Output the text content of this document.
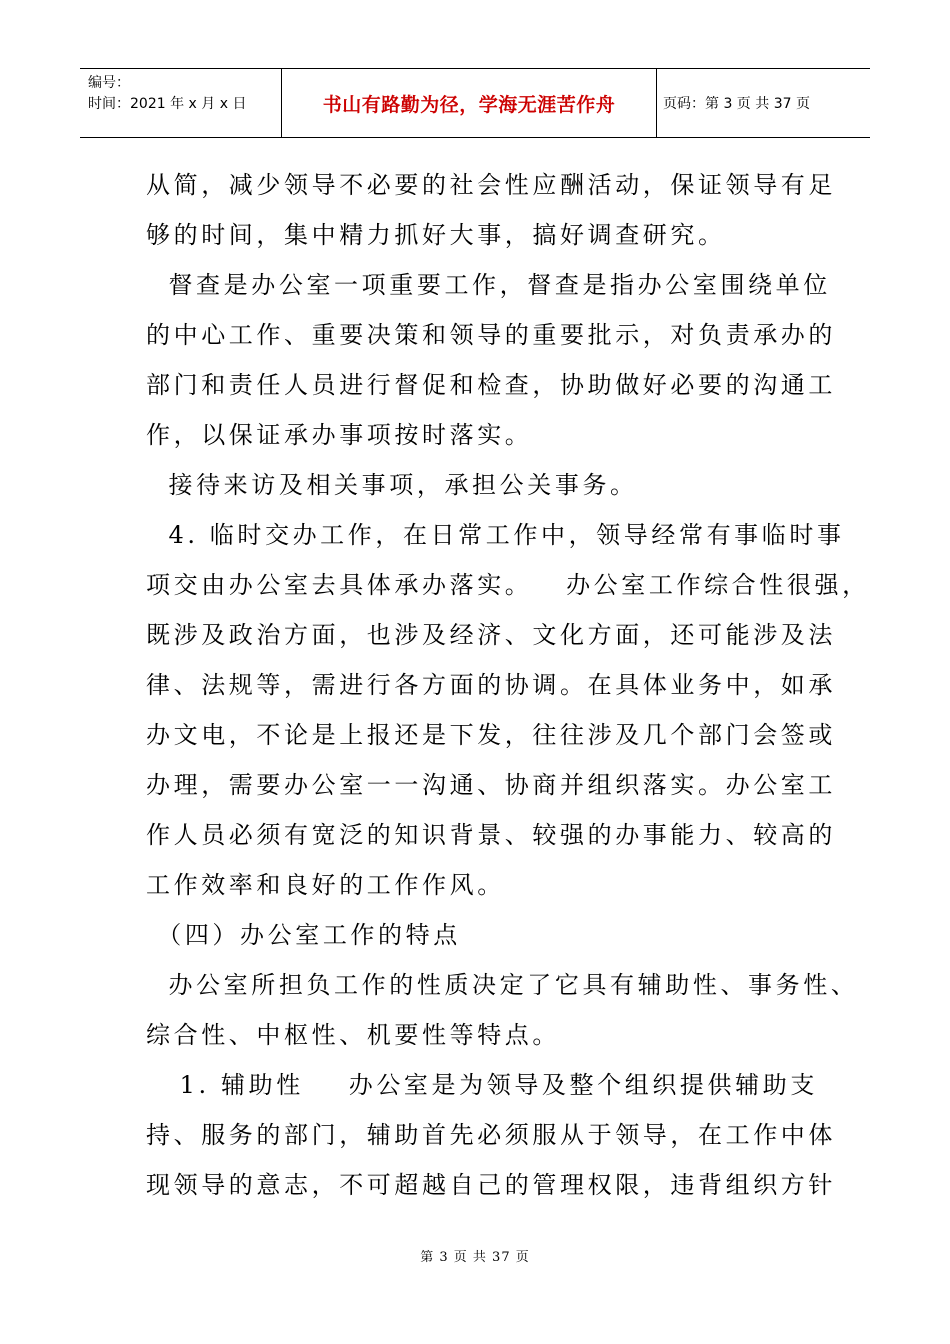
编号：
时间：2021 年 x 月 x 日	书山有路勤为径，学海无涯苦作舟	页码：第 3 页 共 37 页
从简，减少领导不必要的社会性应酬活动，保证领导有足
够的时间，集中精力抓好大事，搞好调查研究。
督查是办公室一项重要工作，督查是指办公室围绕单位
的中心工作、重要决策和领导的重要批示，对负责承办的
部门和责任人员进行督促和检查，协助做好必要的沟通工
作，以保证承办事项按时落实。
接待来访及相关事项，承担公关事务。
4. 临时交办工作，在日常工作中，领导经常有事临时事
项交由办公室去具体承办落实。   办公室工作综合性很强，
既涉及政治方面，也涉及经济、文化方面，还可能涉及法
律、法规等，需进行各方面的协调。在具体业务中，如承
办文电，不论是上报还是下发，往往涉及几个部门会签或
办理，需要办公室一一沟通、协商并组织落实。办公室工
作人员必须有宽泛的知识背景、较强的办事能力、较高的
工作效率和良好的工作作风。
（四）办公室工作的特点
办公室所担负工作的性质决定了它具有辅助性、事务性、
综合性、中枢性、机要性等特点。
1. 辅助性    办公室是为领导及整个组织提供辅助支
持、服务的部门，辅助首先必须服从于领导，在工作中体
现领导的意志，不可超越自己的管理权限，违背组织方针
第 3 页 共 37 页
